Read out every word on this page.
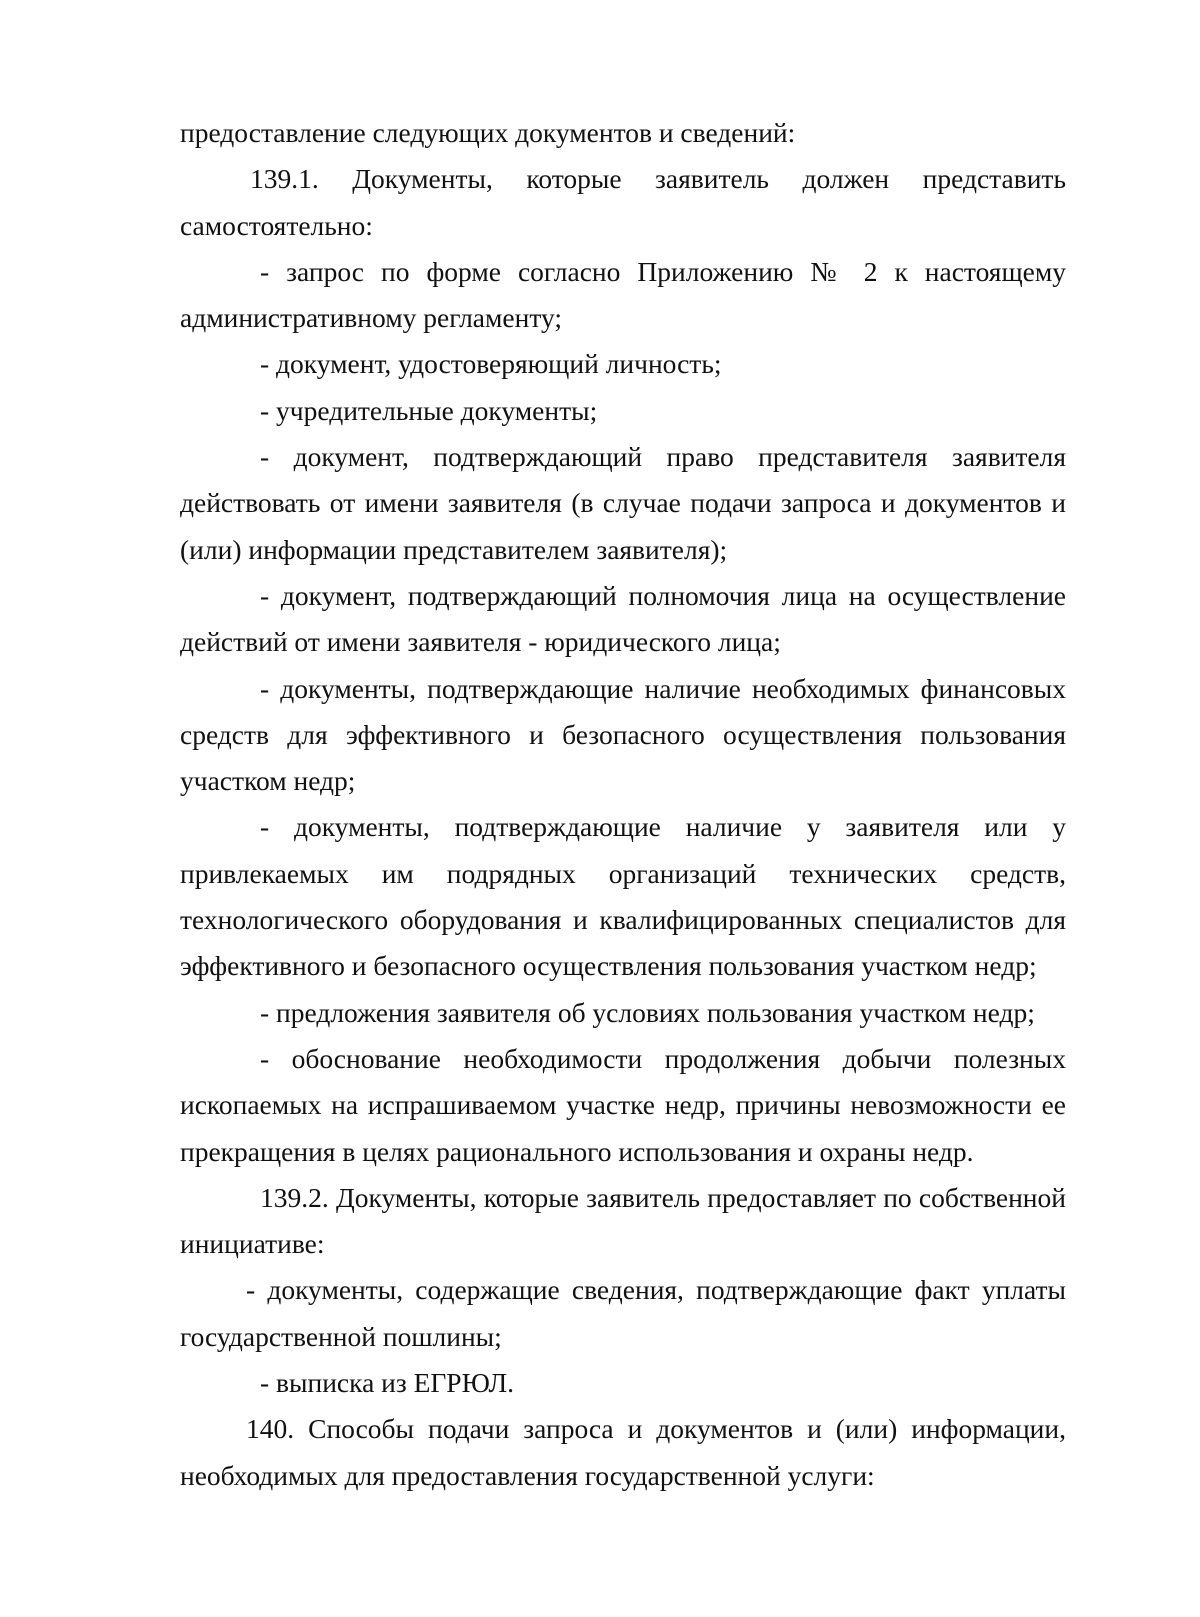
предоставление следующих документов и сведений:

139.1. Документы, которые заявитель должен представить самостоятельно:

- запрос по форме согласно Приложению № 2 к настоящему административному регламенту;

- документ, удостоверяющий личность;

- учредительные документы;

- документ, подтверждающий право представителя заявителя действовать от имени заявителя (в случае подачи запроса и документов и (или) информации представителем заявителя);

- документ, подтверждающий полномочия лица на осуществление действий от имени заявителя - юридического лица;

- документы, подтверждающие наличие необходимых финансовых средств для эффективного и безопасного осуществления пользования участком недр;

- документы, подтверждающие наличие у заявителя или у привлекаемых им подрядных организаций технических средств, технологического оборудования и квалифицированных специалистов для эффективного и безопасного осуществления пользования участком недр;

- предложения заявителя об условиях пользования участком недр;

- обоснование необходимости продолжения добычи полезных ископаемых на испрашиваемом участке недр, причины невозможности ее прекращения в целях рационального использования и охраны недр.

139.2. Документы, которые заявитель предоставляет по собственной инициативе:

- документы, содержащие сведения, подтверждающие факт уплаты государственной пошлины;

- выписка из ЕГРЮЛ.

140. Способы подачи запроса и документов и (или) информации, необходимых для предоставления государственной услуги:
